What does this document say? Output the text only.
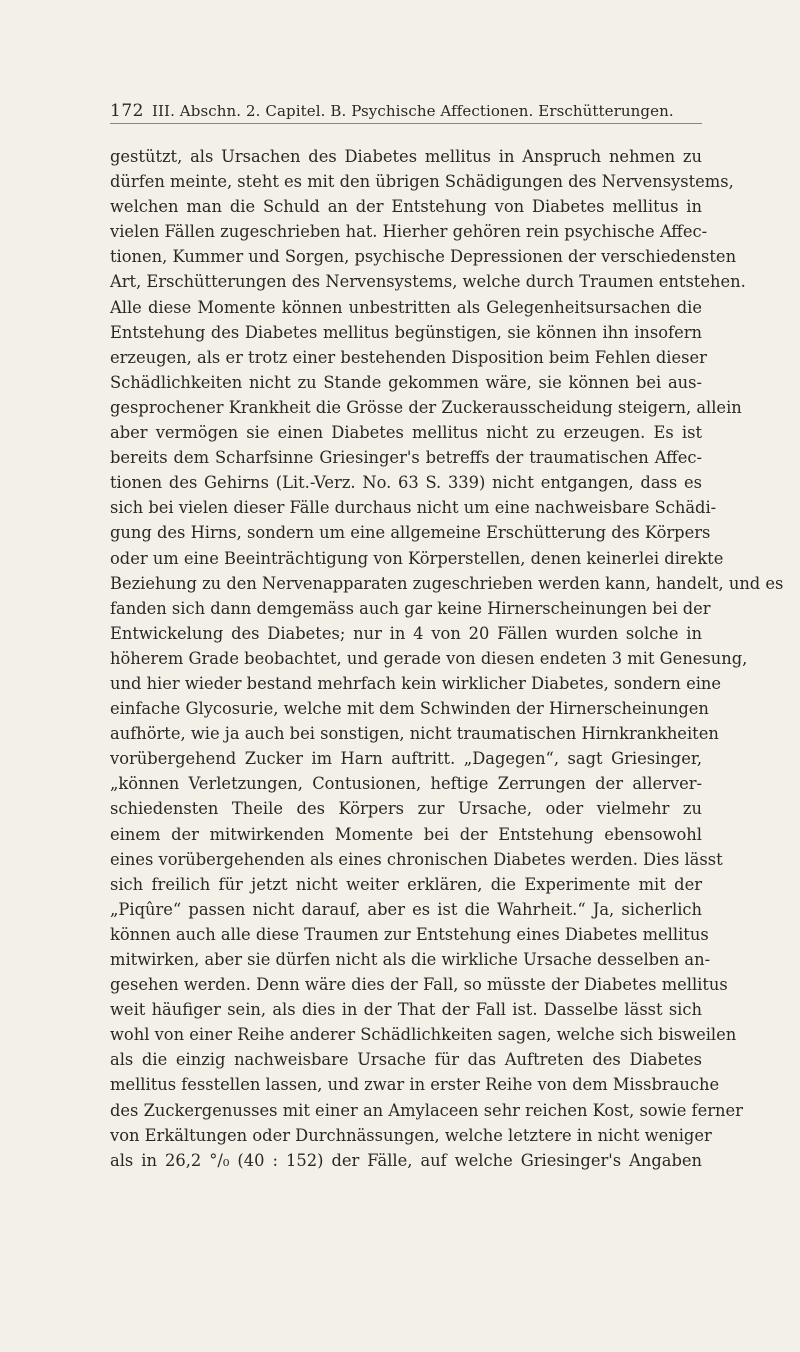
172 III. Abschn. 2. Capitel. B. Psychische Affectionen. Erschütterungen.
gestützt, als Ursachen des Diabetes mellitus in Anspruch nehmen zu
dürfen meinte, steht es mit den übrigen Schädigungen des Nervensystems,
welchen man die Schuld an der Entstehung von Diabetes mellitus in
vielen Fällen zugeschrieben hat. Hierher gehören rein psychische Affec-
tionen, Kummer und Sorgen, psychische Depressionen der verschiedensten
Art, Erschütterungen des Nervensystems, welche durch Traumen entstehen.
Alle diese Momente können unbestritten als Gelegenheitsursachen die
Entstehung des Diabetes mellitus begünstigen, sie können ihn insofern
erzeugen, als er trotz einer bestehenden Disposition beim Fehlen dieser
Schädlichkeiten nicht zu Stande gekommen wäre, sie können bei aus-
gesprochener Krankheit die Grösse der Zuckerausscheidung steigern, allein
aber vermögen sie einen Diabetes mellitus nicht zu erzeugen. Es ist
bereits dem Scharfsinne Griesinger's betreffs der traumatischen Affec-
tionen des Gehirns (Lit.-Verz. No. 63 S. 339) nicht entgangen, dass es
sich bei vielen dieser Fälle durchaus nicht um eine nachweisbare Schädi-
gung des Hirns, sondern um eine allgemeine Erschütterung des Körpers
oder um eine Beeinträchtigung von Körperstellen, denen keinerlei direkte
Beziehung zu den Nervenapparaten zugeschrieben werden kann, handelt, und es
fanden sich dann demgemäss auch gar keine Hirnerscheinungen bei der
Entwickelung des Diabetes; nur in 4 von 20 Fällen wurden solche in
höherem Grade beobachtet, und gerade von diesen endeten 3 mit Genesung,
und hier wieder bestand mehrfach kein wirklicher Diabetes, sondern eine
einfache Glycosurie, welche mit dem Schwinden der Hirnerscheinungen
aufhörte, wie ja auch bei sonstigen, nicht traumatischen Hirnkrankheiten
vorübergehend Zucker im Harn auftritt. „Dagegen“, sagt Griesinger,
„können Verletzungen, Contusionen, heftige Zerrungen der allerver-
schiedensten Theile des Körpers zur Ursache, oder vielmehr zu
einem der mitwirkenden Momente bei der Entstehung ebensowohl
eines vorübergehenden als eines chronischen Diabetes werden. Dies lässt
sich freilich für jetzt nicht weiter erklären, die Experimente mit der
„Piqûre“ passen nicht darauf, aber es ist die Wahrheit.“ Ja, sicherlich
können auch alle diese Traumen zur Entstehung eines Diabetes mellitus
mitwirken, aber sie dürfen nicht als die wirkliche Ursache desselben an-
gesehen werden. Denn wäre dies der Fall, so müsste der Diabetes mellitus
weit häufiger sein, als dies in der That der Fall ist. Dasselbe lässt sich
wohl von einer Reihe anderer Schädlichkeiten sagen, welche sich bisweilen
als die einzig nachweisbare Ursache für das Auftreten des Diabetes
mellitus fesstellen lassen, und zwar in erster Reihe von dem Missbrauche
des Zuckergenusses mit einer an Amylaceen sehr reichen Kost, sowie ferner
von Erkältungen oder Durchnässungen, welche letztere in nicht weniger
als in 26,2 °/₀ (40 : 152) der Fälle, auf welche Griesinger's Angaben
